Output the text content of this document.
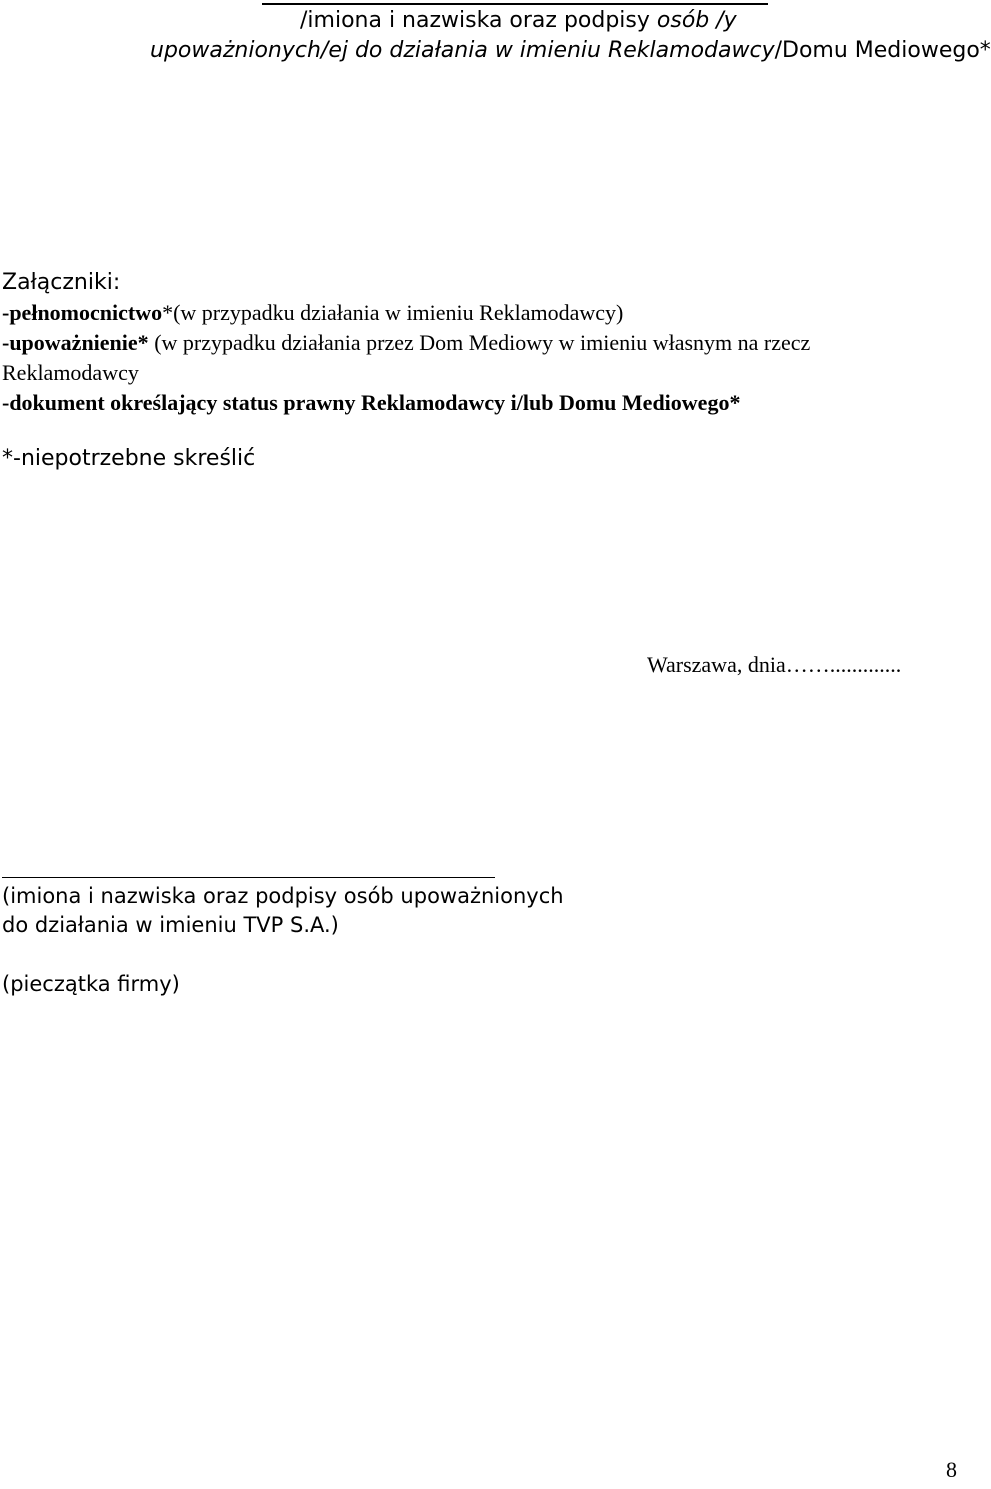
/imiona i nazwiska oraz podpisy osób /y
upoważnionych/ej do działania w imieniu Reklamodawcy/Domu Mediowego*
Załączniki:
-pełnomocnictwo*(w przypadku działania w imieniu Reklamodawcy)
-upoważnienie* (w przypadku działania przez Dom Mediowy w imieniu własnym na rzecz
Reklamodawcy
-dokument określający status prawny Reklamodawcy i/lub Domu Mediowego*
*-niepotrzebne skreślić
Warszawa, dnia…….............
(imiona i nazwiska oraz podpisy osób upoważnionych
do działania w imieniu TVP S.A.)
(pieczątka firmy)
8
